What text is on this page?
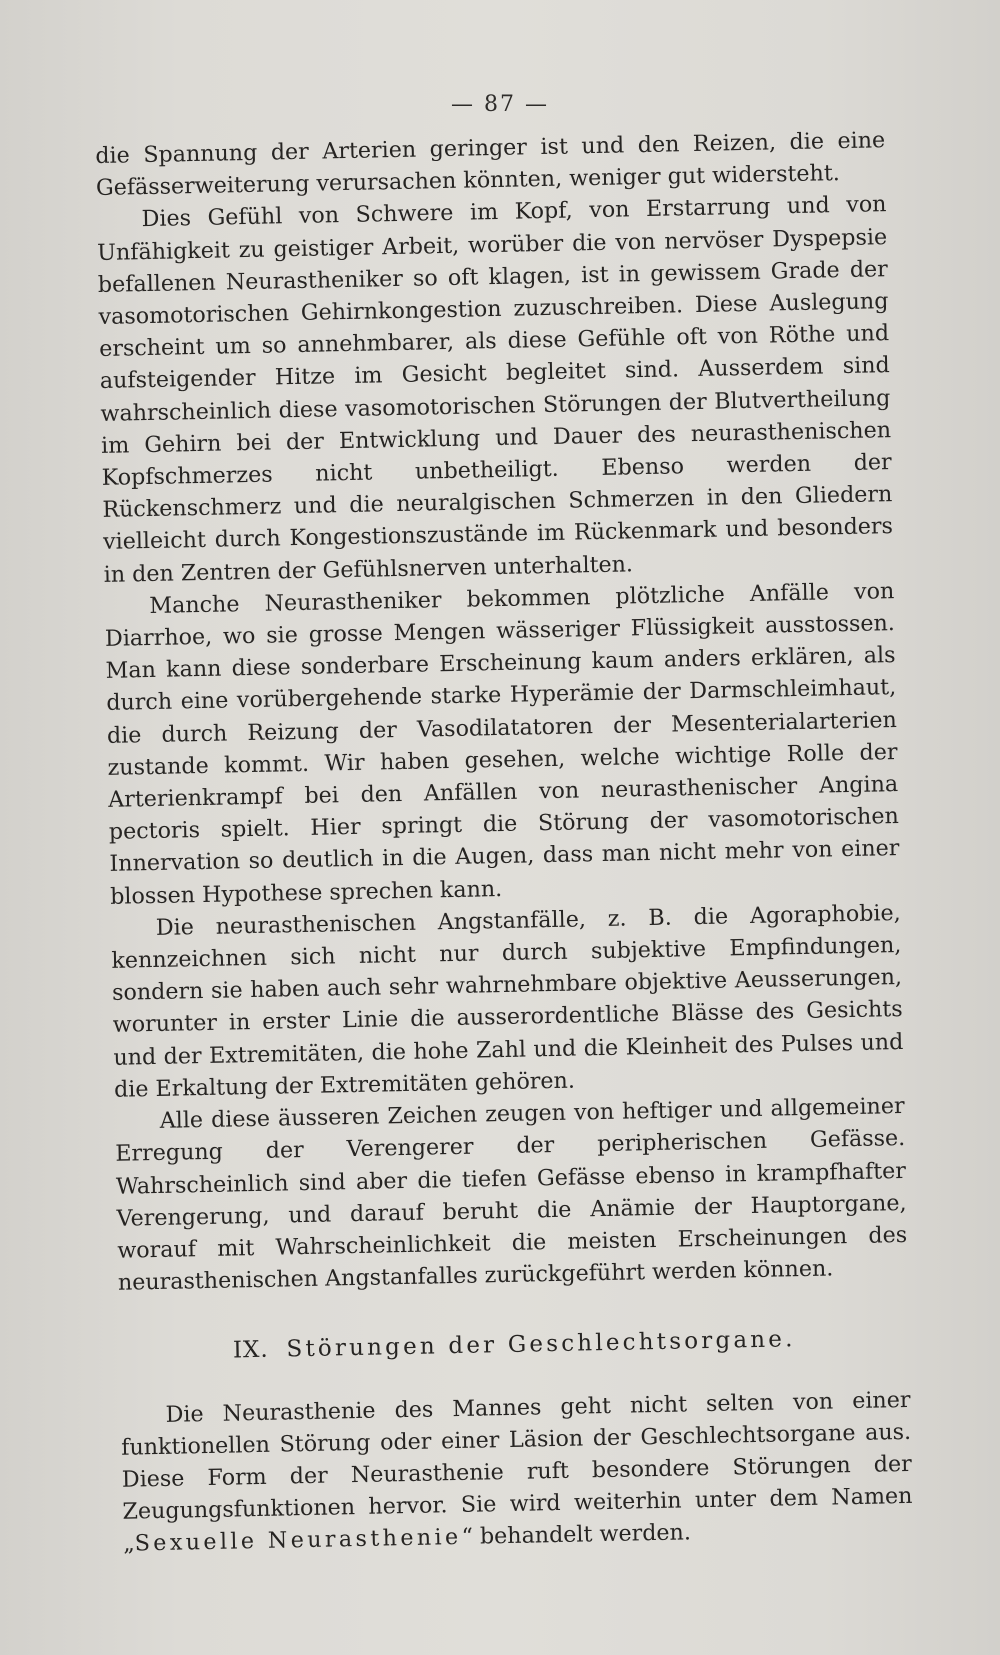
— 87 —

die Spannung der Arterien geringer ist und den Reizen, die eine Gefässerweiterung verursachen könnten, weniger gut widersteht.

Dies Gefühl von Schwere im Kopf, von Erstarrung und von Unfähigkeit zu geistiger Arbeit, worüber die von nervöser Dyspepsie befallenen Neurastheniker so oft klagen, ist in gewissem Grade der vasomotorischen Gehirnkongestion zuzuschreiben. Diese Auslegung erscheint um so annehmbarer, als diese Gefühle oft von Röthe und aufsteigender Hitze im Gesicht begleitet sind. Ausserdem sind wahrscheinlich diese vasomotorischen Störungen der Blutvertheilung im Gehirn bei der Entwicklung und Dauer des neurasthenischen Kopfschmerzes nicht unbetheiligt. Ebenso werden der Rückenschmerz und die neuralgischen Schmerzen in den Gliedern vielleicht durch Kongestionszustände im Rückenmark und besonders in den Zentren der Gefühlsnerven unterhalten.

Manche Neurastheniker bekommen plötzliche Anfälle von Diarrhoe, wo sie grosse Mengen wässeriger Flüssigkeit ausstossen. Man kann diese sonderbare Erscheinung kaum anders erklären, als durch eine vorübergehende starke Hyperämie der Darmschleimhaut, die durch Reizung der Vasodilatatoren der Mesenterialarterien zustande kommt. Wir haben gesehen, welche wichtige Rolle der Arterienkrampf bei den Anfällen von neurasthenischer Angina pectoris spielt. Hier springt die Störung der vasomotorischen Innervation so deutlich in die Augen, dass man nicht mehr von einer blossen Hypothese sprechen kann.

Die neurasthenischen Angstanfälle, z. B. die Agoraphobie, kennzeichnen sich nicht nur durch subjektive Empfindungen, sondern sie haben auch sehr wahrnehmbare objektive Aeusserungen, worunter in erster Linie die ausserordentliche Blässe des Gesichts und der Extremitäten, die hohe Zahl und die Kleinheit des Pulses und die Erkaltung der Extremitäten gehören.

Alle diese äusseren Zeichen zeugen von heftiger und allgemeiner Erregung der Verengerer der peripherischen Gefässe. Wahrscheinlich sind aber die tiefen Gefässe ebenso in krampfhafter Verengerung, und darauf beruht die Anämie der Hauptorgane, worauf mit Wahrscheinlichkeit die meisten Erscheinungen des neurasthenischen Angstanfalles zurückgeführt werden können.

IX. Störungen der Geschlechtsorgane.

Die Neurasthenie des Mannes geht nicht selten von einer funktionellen Störung oder einer Läsion der Geschlechtsorgane aus. Diese Form der Neurasthenie ruft besondere Störungen der Zeugungsfunktionen hervor. Sie wird weiterhin unter dem Namen „Sexuelle Neurasthenie“ behandelt werden.
